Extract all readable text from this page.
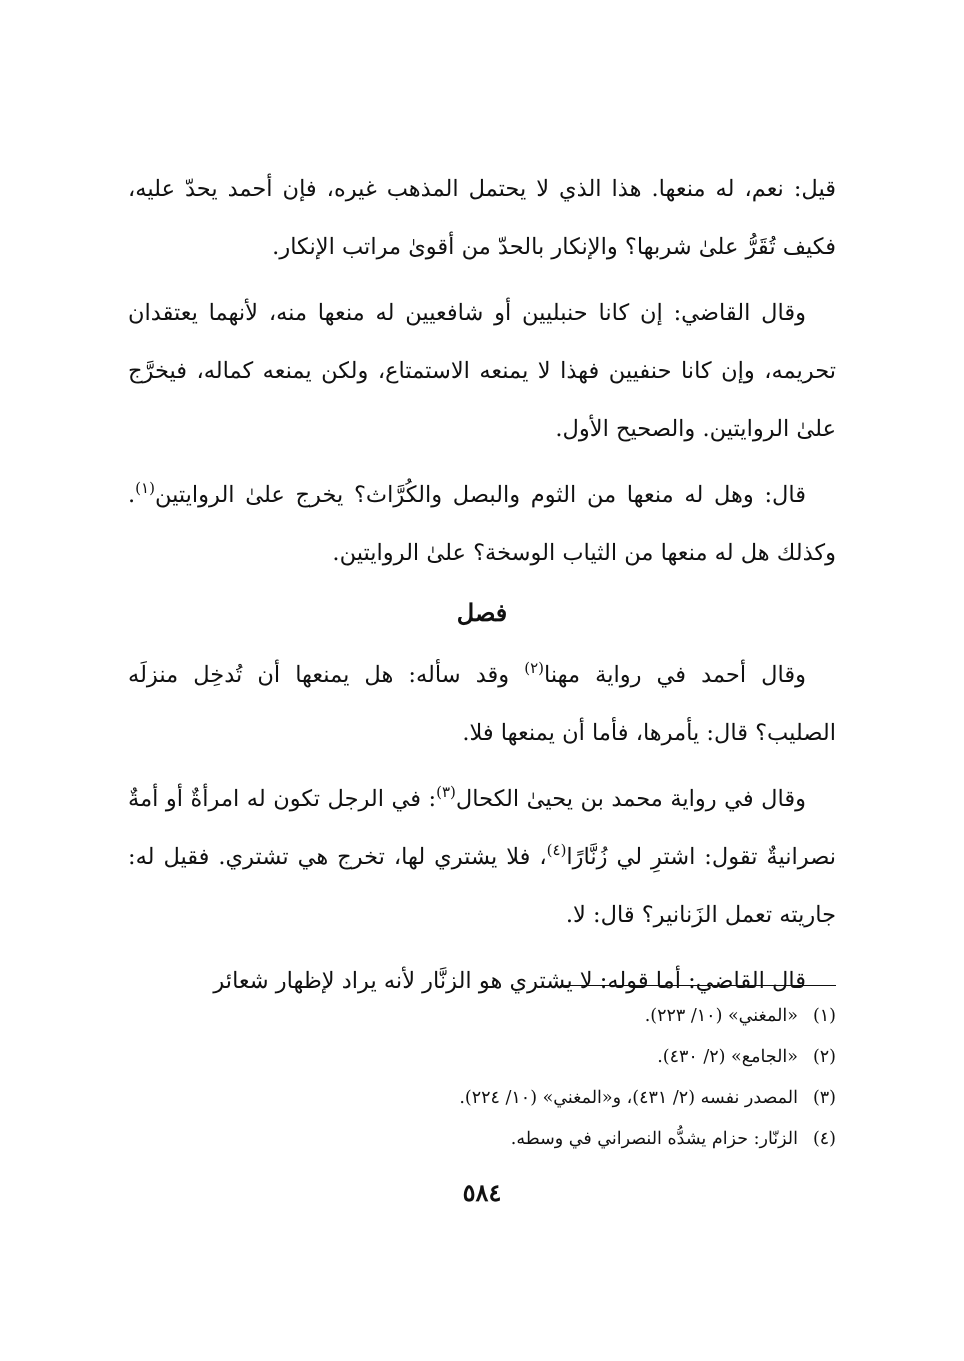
قيل: نعم، له منعها. هذا الذي لا يحتمل المذهب غيره، فإن أحمد يحدّ عليه، فكيف تُقَرُّ علىٰ شربها؟ والإنكار بالحدّ من أقوىٰ مراتب الإنكار.

وقال القاضي: إن كانا حنبليين أو شافعيين له منعها منه، لأنهما يعتقدان تحريمه، وإن كانا حنفيين فهذا لا يمنعه الاستمتاع، ولكن يمنعه كماله، فيخرَّج علىٰ الروايتين. والصحيح الأول.

قال: وهل له منعها من الثوم والبصل والكُرَّاث؟ يخرج علىٰ الروايتين$^{(١)}$. وكذلك هل له منعها من الثياب الوسخة؟ علىٰ الروايتين.

فصل

وقال أحمد في رواية مهنا$^{(٢)}$ وقد سأله: هل يمنعها أن تُدخِل منزلَه الصليب؟ قال: يأمرها، فأما أن يمنعها فلا.

وقال في رواية محمد بن يحيىٰ الكحال$^{(٣)}$: في الرجل تكون له امرأةٌ أو أمةٌ نصرانيةٌ تقول: اشترِ لي زُنَّارًا$^{(٤)}$، فلا يشتري لها، تخرج هي تشتري. فقيل له: جاريته تعمل الزَنانير؟ قال: لا.

قال القاضي: أما قوله: لا يشتري هو الزنَّار لأنه يراد لإظهار شعائر

(١)
«المغني» (١٠/ ٢٢٣).
(٢)
«الجامع» (٢/ ٤٣٠).
(٣)
المصدر نفسه (٢/ ٤٣١)، و«المغني» (١٠/ ٢٢٤).
(٤)
الزنّار: حزام يشدُّه النصراني في وسطه.
٥٨٤
